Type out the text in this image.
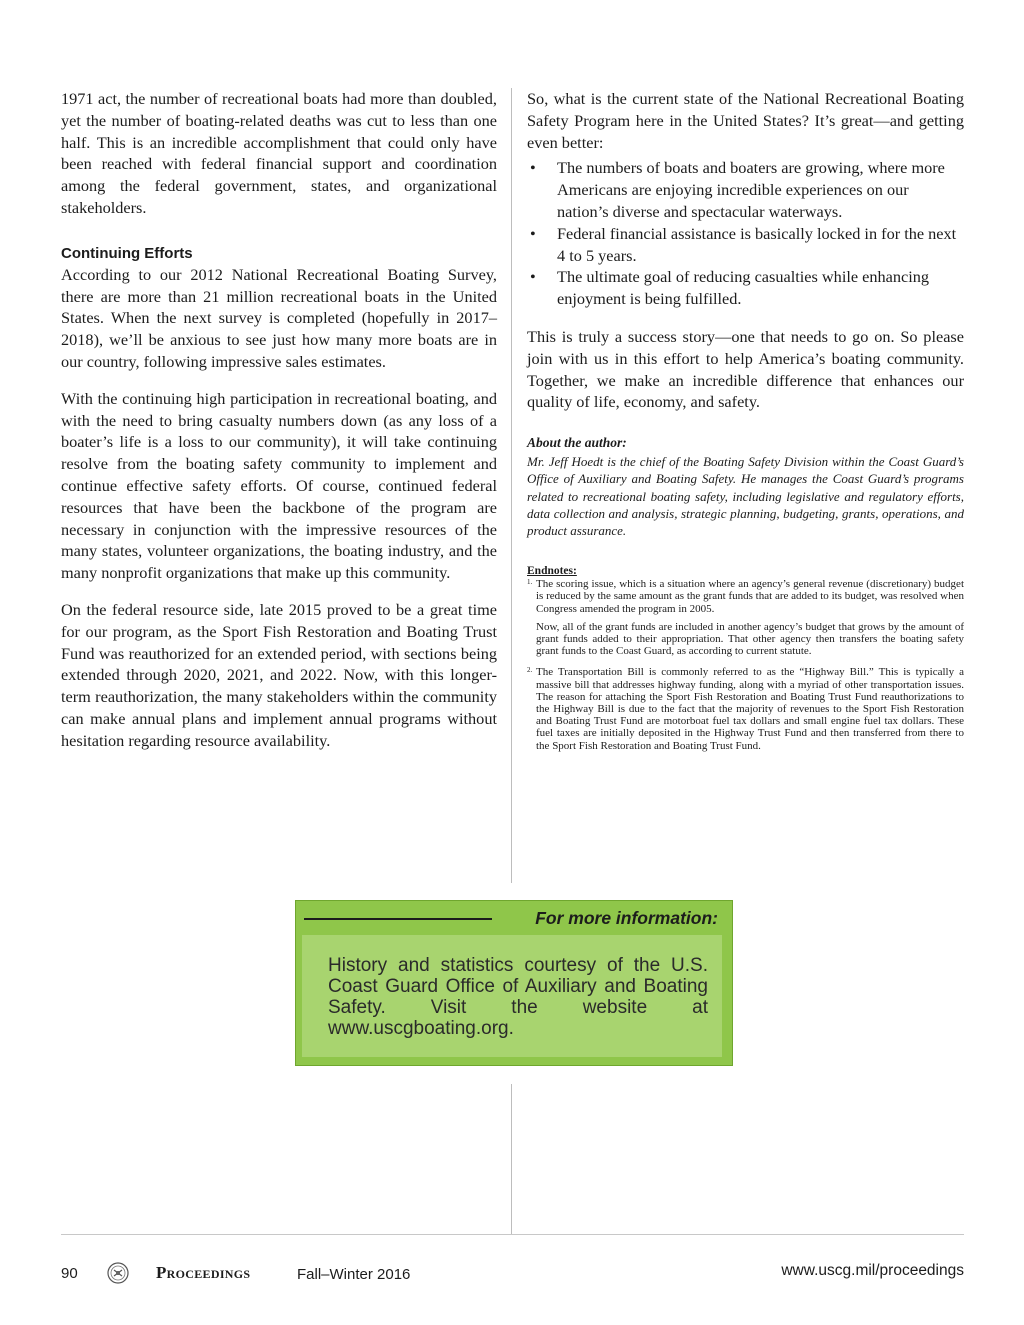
1971 act, the number of recreational boats had more than doubled, yet the number of boating-related deaths was cut to less than one half. This is an incredible accomplishment that could only have been reached with federal financial support and coordination among the federal government, states, and organizational stakeholders.

Continuing Efforts

According to our 2012 National Recreational Boating Survey, there are more than 21 million recreational boats in the United States. When the next survey is completed (hopefully in 2017–2018), we’ll be anxious to see just how many more boats are in our country, following impressive sales estimates.

With the continuing high participation in recreational boating, and with the need to bring casualty numbers down (as any loss of a boater’s life is a loss to our community), it will take continuing resolve from the boating safety community to implement and continue effective safety efforts. Of course, continued federal resources that have been the backbone of the program are necessary in conjunction with the impressive resources of the many states, volunteer organizations, the boating industry, and the many nonprofit organizations that make up this community.

On the federal resource side, late 2015 proved to be a great time for our program, as the Sport Fish Restoration and Boating Trust Fund was reauthorized for an extended period, with sections being extended through 2020, 2021, and 2022. Now, with this longer-term reauthorization, the many stakeholders within the community can make annual plans and implement annual programs without hesitation regarding resource availability.

So, what is the current state of the National Recreational Boating Safety Program here in the United States? It’s great—and getting even better:

• The numbers of boats and boaters are growing, where more Americans are enjoying incredible experiences on our nation’s diverse and spectacular waterways.
• Federal financial assistance is basically locked in for the next 4 to 5 years.
• The ultimate goal of reducing casualties while enhancing enjoyment is being fulfilled.

This is truly a success story—one that needs to go on. So please join with us in this effort to help America’s boating community. Together, we make an incredible difference that enhances our quality of life, economy, and safety.

About the author:

Mr. Jeff Hoedt is the chief of the Boating Safety Division within the Coast Guard’s Office of Auxiliary and Boating Safety. He manages the Coast Guard’s programs related to recreational boating safety, including legislative and regulatory efforts, data collection and analysis, strategic planning, budgeting, grants, operations, and product assurance.

Endnotes:

1. The scoring issue, which is a situation where an agency’s general revenue (discretionary) budget is reduced by the same amount as the grant funds that are added to its budget, was resolved when Congress amended the program in 2005.

Now, all of the grant funds are included in another agency’s budget that grows by the amount of grant funds added to their appropriation. That other agency then transfers the boating safety grant funds to the Coast Guard, as according to current statute.

2. The Transportation Bill is commonly referred to as the “Highway Bill.” This is typically a massive bill that addresses highway funding, along with a myriad of other transportation issues. The reason for attaching the Sport Fish Restoration and Boating Trust Fund reauthorizations to the Highway Bill is due to the fact that the majority of revenues to the Sport Fish Restoration and Boating Trust Fund are motorboat fuel tax dollars and small engine fuel tax dollars. These fuel taxes are initially deposited in the Highway Trust Fund and then transferred from there to the Sport Fish Restoration and Boating Trust Fund.

For more information:

History and statistics courtesy of the U.S. Coast Guard Office of Auxiliary and Boating Safety. Visit the website at www.uscgboating.org.

90	Proceedings	Fall–Winter 2016	www.uscg.mil/proceedings
